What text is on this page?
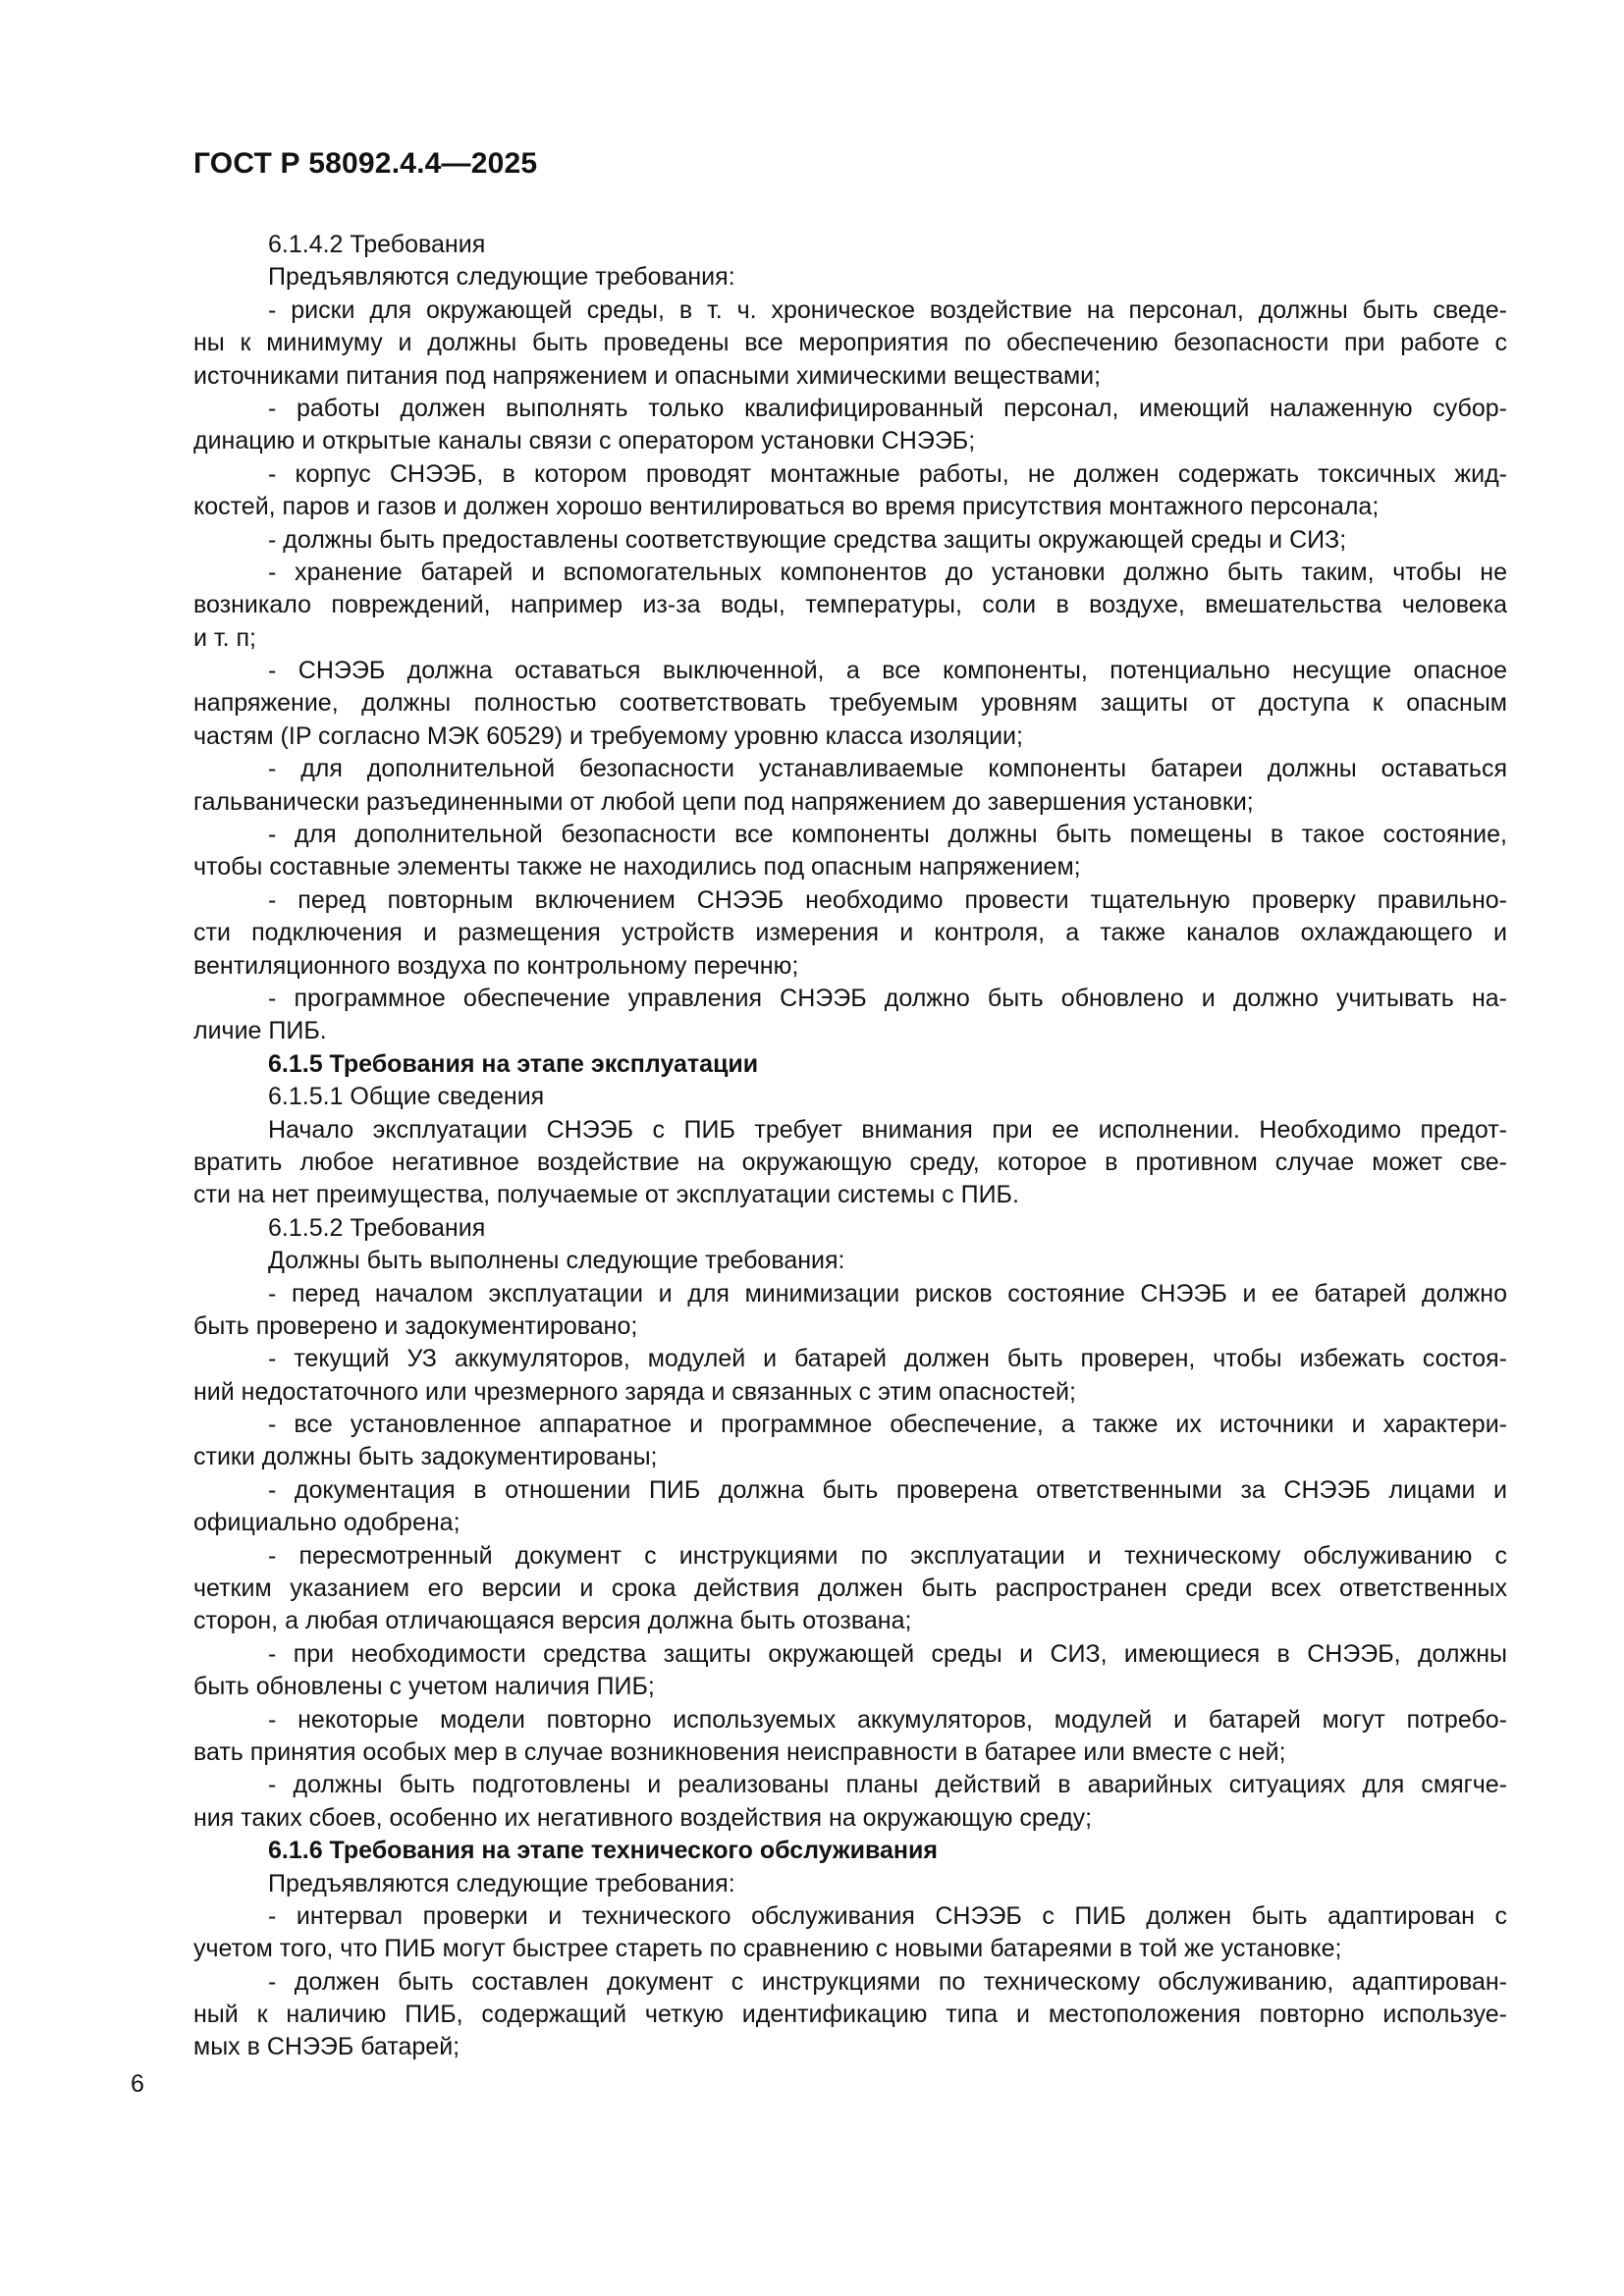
ГОСТ Р 58092.4.4—2025
6.1.4.2 Требования
Предъявляются следующие требования:
- риски для окружающей среды, в т. ч. хроническое воздействие на персонал, должны быть сведе-
ны к минимуму и должны быть проведены все мероприятия по обеспечению безопасности при работе с
источниками питания под напряжением и опасными химическими веществами;
- работы должен выполнять только квалифицированный персонал, имеющий налаженную субор-
динацию и открытые каналы связи с оператором установки СНЭЭБ;
- корпус СНЭЭБ, в котором проводят монтажные работы, не должен содержать токсичных жид-
костей, паров и газов и должен хорошо вентилироваться во время присутствия монтажного персонала;
- должны быть предоставлены соответствующие средства защиты окружающей среды и СИЗ;
- хранение батарей и вспомогательных компонентов до установки должно быть таким, чтобы не
возникало повреждений, например из-за воды, температуры, соли в воздухе, вмешательства человека
и т. п;
- СНЭЭБ должна оставаться выключенной, а все компоненты, потенциально несущие опасное
напряжение, должны полностью соответствовать требуемым уровням защиты от доступа к опасным
частям (IP согласно МЭК 60529) и требуемому уровню класса изоляции;
- для дополнительной безопасности устанавливаемые компоненты батареи должны оставаться
гальванически разъединенными от любой цепи под напряжением до завершения установки;
- для дополнительной безопасности все компоненты должны быть помещены в такое состояние,
чтобы составные элементы также не находились под опасным напряжением;
- перед повторным включением СНЭЭБ необходимо провести тщательную проверку правильно-
сти подключения и размещения устройств измерения и контроля, а также каналов охлаждающего и
вентиляционного воздуха по контрольному перечню;
- программное обеспечение управления СНЭЭБ должно быть обновлено и должно учитывать на-
личие ПИБ.
6.1.5 Требования на этапе эксплуатации
6.1.5.1 Общие сведения
Начало эксплуатации СНЭЭБ с ПИБ требует внимания при ее исполнении. Необходимо предот-
вратить любое негативное воздействие на окружающую среду, которое в противном случае может све-
сти на нет преимущества, получаемые от эксплуатации системы с ПИБ.
6.1.5.2 Требования
Должны быть выполнены следующие требования:
- перед началом эксплуатации и для минимизации рисков состояние СНЭЭБ и ее батарей должно
быть проверено и задокументировано;
- текущий УЗ аккумуляторов, модулей и батарей должен быть проверен, чтобы избежать состоя-
ний недостаточного или чрезмерного заряда и связанных с этим опасностей;
- все установленное аппаратное и программное обеспечение, а также их источники и характери-
стики должны быть задокументированы;
- документация в отношении ПИБ должна быть проверена ответственными за СНЭЭБ лицами и
официально одобрена;
- пересмотренный документ с инструкциями по эксплуатации и техническому обслуживанию с
четким указанием его версии и срока действия должен быть распространен среди всех ответственных
сторон, а любая отличающаяся версия должна быть отозвана;
- при необходимости средства защиты окружающей среды и СИЗ, имеющиеся в СНЭЭБ, должны
быть обновлены с учетом наличия ПИБ;
- некоторые модели повторно используемых аккумуляторов, модулей и батарей могут потребо-
вать принятия особых мер в случае возникновения неисправности в батарее или вместе с ней;
- должны быть подготовлены и реализованы планы действий в аварийных ситуациях для смягче-
ния таких сбоев, особенно их негативного воздействия на окружающую среду;
6.1.6 Требования на этапе технического обслуживания
Предъявляются следующие требования:
- интервал проверки и технического обслуживания СНЭЭБ с ПИБ должен быть адаптирован с
учетом того, что ПИБ могут быстрее стареть по сравнению с новыми батареями в той же установке;
- должен быть составлен документ с инструкциями по техническому обслуживанию, адаптирован-
ный к наличию ПИБ, содержащий четкую идентификацию типа и местоположения повторно используе-
мых в СНЭЭБ батарей;
6
